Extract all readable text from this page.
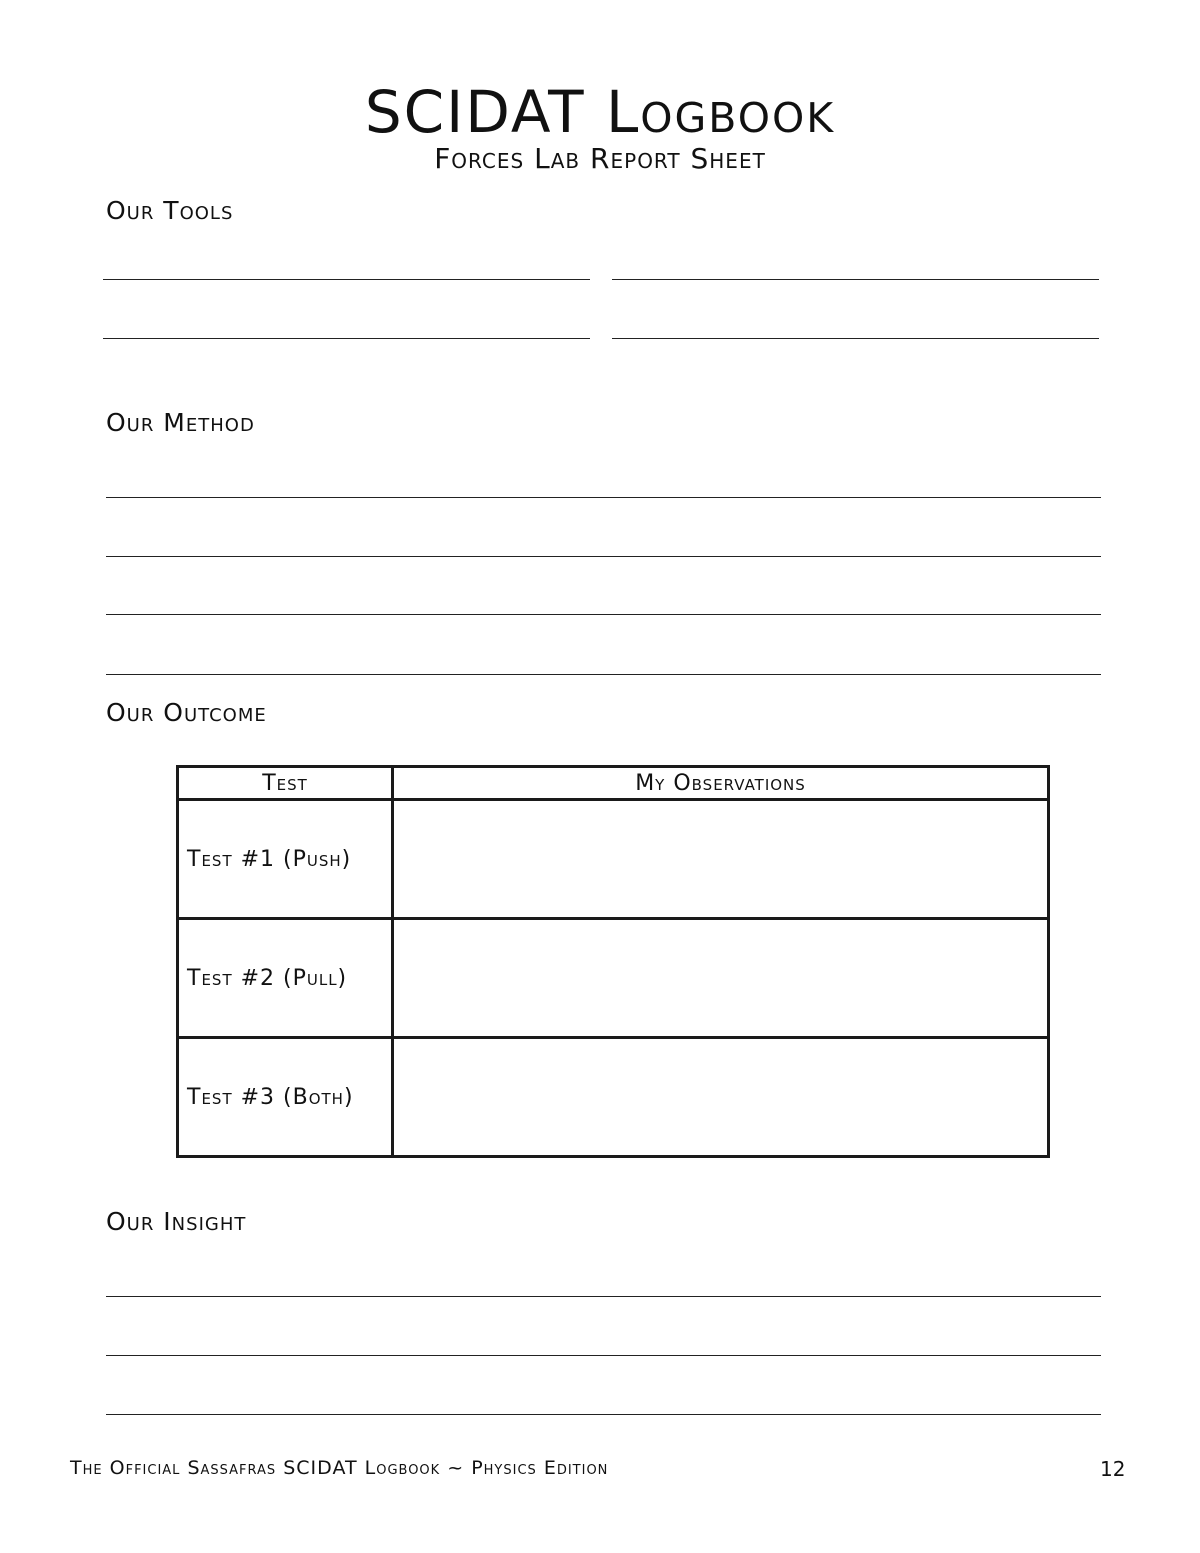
SCIDAT Logbook
Forces Lab Report Sheet
Our Tools
Our Method
Our Outcome
Test	My Observations
Test #1 (Push)	
Test #2 (Pull)	
Test #3 (Both)	
Our Insight
The Official Sassafras SCIDAT Logbook ~ Physics Edition	12
